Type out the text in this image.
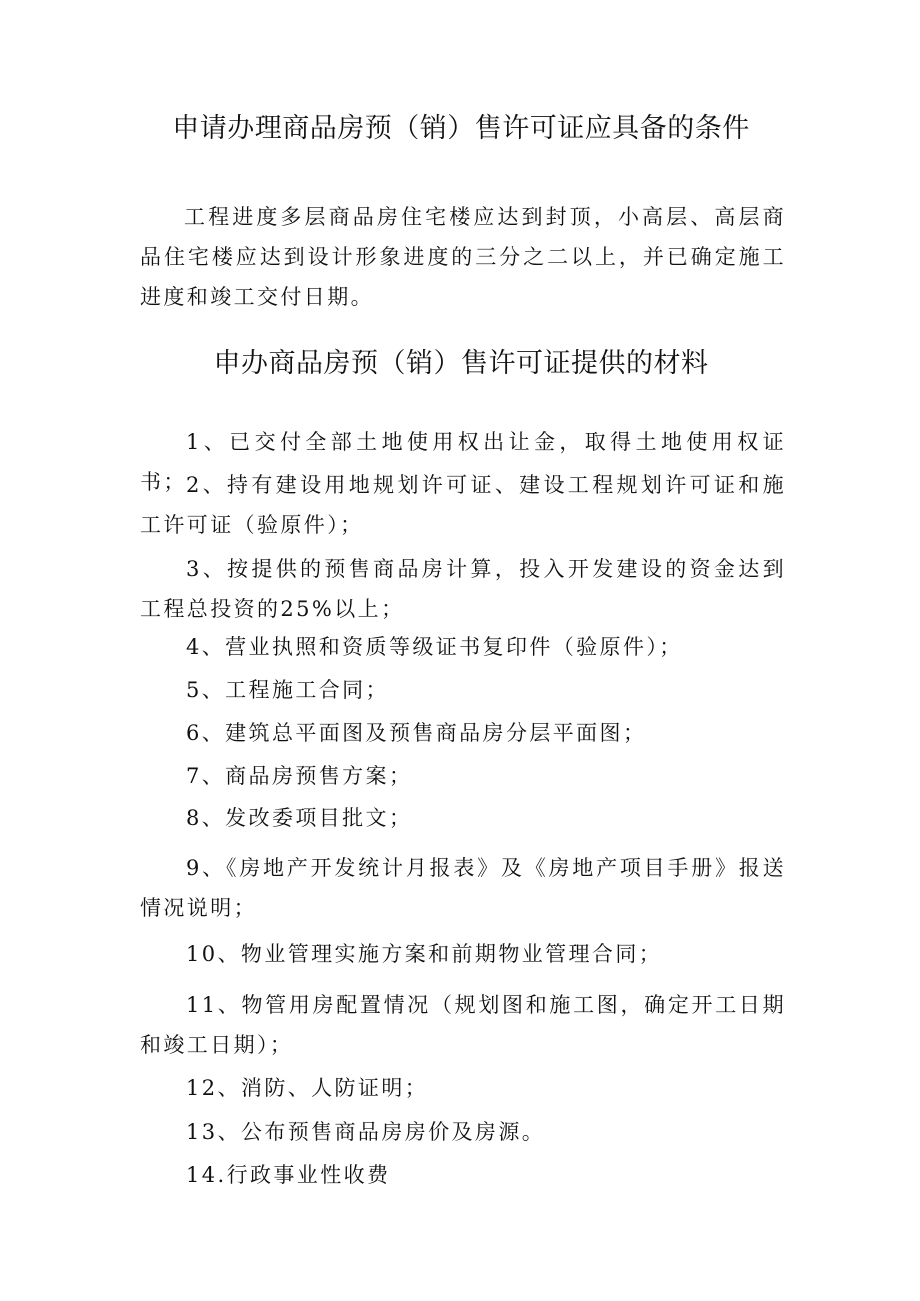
申请办理商品房预（销）售许可证应具备的条件
工程进度多层商品房住宅楼应达到封顶，小高层、高层商品住宅楼应达到设计形象进度的三分之二以上，并已确定施工进度和竣工交付日期。
申办商品房预（销）售许可证提供的材料
1、已交付全部土地使用权出让金，取得土地使用权证书； 2、持有建设用地规划许可证、建设工程规划许可证和施工许可证（验原件）；
3、按提供的预售商品房计算，投入开发建设的资金达到工程总投资的25%以上；
4、营业执照和资质等级证书复印件（验原件）；
5、工程施工合同；
6、建筑总平面图及预售商品房分层平面图；
7、商品房预售方案；
8、发改委项目批文；
9、《房地产开发统计月报表》及《房地产项目手册》报送情况说明；
10、物业管理实施方案和前期物业管理合同；
11、物管用房配置情况（规划图和施工图，确定开工日期和竣工日期）；
12、消防、人防证明；
13、公布预售商品房房价及房源。
14.行政事业性收费
